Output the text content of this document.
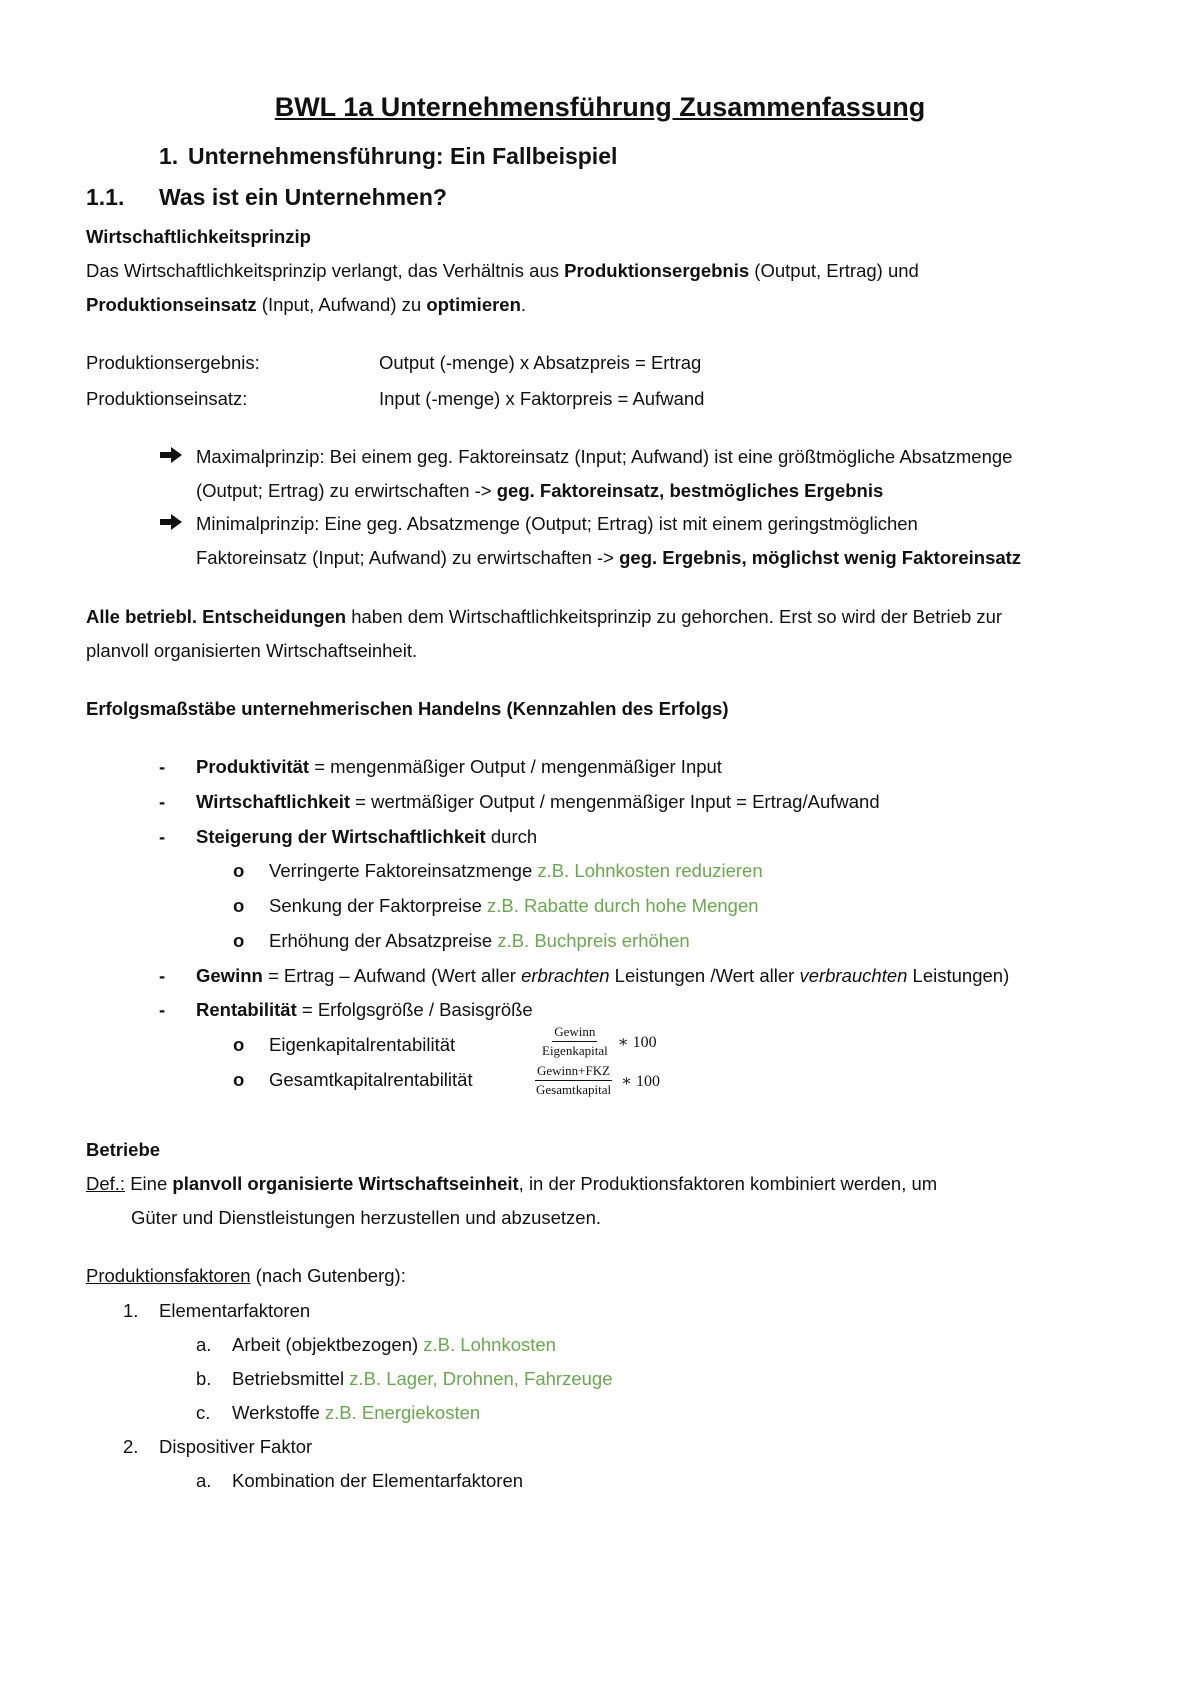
BWL 1a Unternehmensführung Zusammenfassung
1. Unternehmensführung: Ein Fallbeispiel
1.1. Was ist ein Unternehmen?
Wirtschaftlichkeitsprinzip
Das Wirtschaftlichkeitsprinzip verlangt, das Verhältnis aus Produktionsergebnis (Output, Ertrag) und
Produktionseinsatz (Input, Aufwand) zu optimieren.
Produktionsergebnis:	Output (-menge) x Absatzpreis = Ertrag
Produktionseinsatz:	Input (-menge) x Faktorpreis = Aufwand
Maximalprinzip: Bei einem geg. Faktoreinsatz (Input; Aufwand) ist eine größtmögliche Absatzmenge
(Output; Ertrag) zu erwirtschaften -> geg. Faktoreinsatz, bestmögliches Ergebnis
Minimalprinzip: Eine geg. Absatzmenge (Output; Ertrag) ist mit einem geringstmöglichen
Faktoreinsatz (Input; Aufwand) zu erwirtschaften -> geg. Ergebnis, möglichst wenig Faktoreinsatz
Alle betriebl. Entscheidungen haben dem Wirtschaftlichkeitsprinzip zu gehorchen. Erst so wird der Betrieb zur
planvoll organisierten Wirtschaftseinheit.
Erfolgsmaßstäbe unternehmerischen Handelns (Kennzahlen des Erfolgs)
- Produktivität = mengenmäßiger Output / mengenmäßiger Input
- Wirtschaftlichkeit = wertmäßiger Output / mengenmäßiger Input = Ertrag/Aufwand
- Steigerung der Wirtschaftlichkeit durch
o Verringerte Faktoreinsatzmenge z.B. Lohnkosten reduzieren
o Senkung der Faktorpreise z.B. Rabatte durch hohe Mengen
o Erhöhung der Absatzpreise z.B. Buchpreis erhöhen
- Gewinn = Ertrag – Aufwand (Wert aller erbrachten Leistungen /Wert aller verbrauchten Leistungen)
- Rentabilität = Erfolgsgröße / Basisgröße
o Eigenkapitalrentabilität	$\frac{\text{Gewinn}}{\text{Eigenkapital}}$ ∗ 100
o Gesamtkapitalrentabilität	$\frac{\text{Gewinn+FKZ}}{\text{Gesamtkapital}}$ ∗ 100
Betriebe
Def.: Eine planvoll organisierte Wirtschaftseinheit, in der Produktionsfaktoren kombiniert werden, um
Güter und Dienstleistungen herzustellen und abzusetzen.
Produktionsfaktoren (nach Gutenberg):
1. Elementarfaktoren
a. Arbeit (objektbezogen) z.B. Lohnkosten
b. Betriebsmittel z.B. Lager, Drohnen, Fahrzeuge
c. Werkstoffe z.B. Energiekosten
2. Dispositiver Faktor
a. Kombination der Elementarfaktoren
